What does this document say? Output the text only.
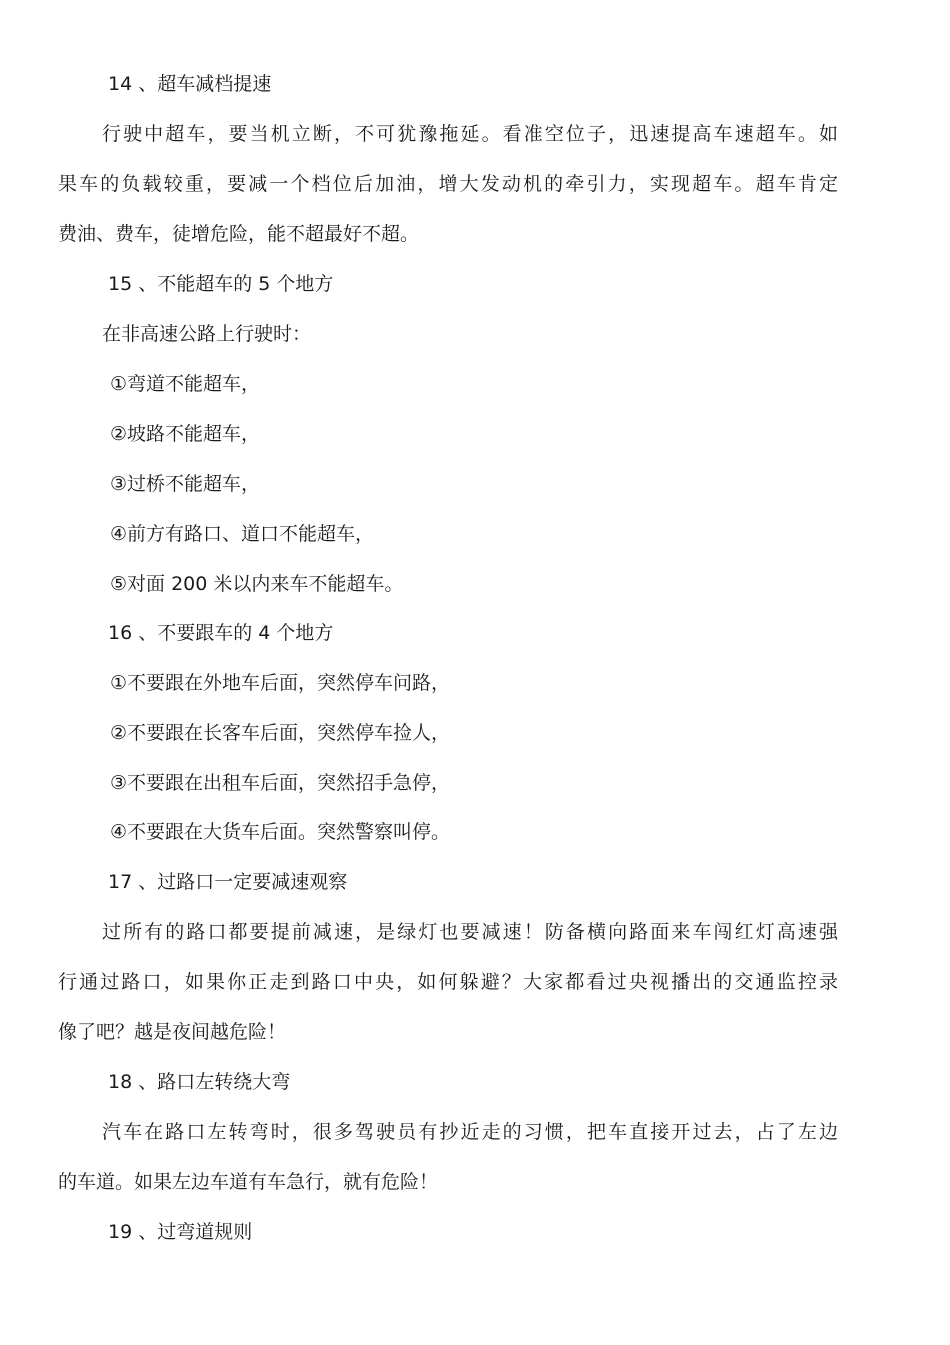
14 、超车减档提速
行驶中超车，要当机立断，不可犹豫拖延。看准空位子，迅速提高车速超车。如
果车的负载较重，要减一个档位后加油，增大发动机的牵引力，实现超车。超车肯定
费油、费车，徒增危险，能不超最好不超。
15 、不能超车的 5 个地方
在非高速公路上行驶时：
①弯道不能超车，
②坡路不能超车，
③过桥不能超车，
④前方有路口、道口不能超车，
⑤对面 200 米以内来车不能超车。
16 、不要跟车的 4 个地方
①不要跟在外地车后面，突然停车问路，
②不要跟在长客车后面，突然停车捡人，
③不要跟在出租车后面，突然招手急停，
④不要跟在大货车后面。突然警察叫停。
17 、过路口一定要减速观察
过所有的路口都要提前减速，是绿灯也要减速！防备横向路面来车闯红灯高速强
行通过路口，如果你正走到路口中央，如何躲避？大家都看过央视播出的交通监控录
像了吧？越是夜间越危险！
18 、路口左转绕大弯
汽车在路口左转弯时，很多驾驶员有抄近走的习惯，把车直接开过去，占了左边
的车道。如果左边车道有车急行，就有危险！
19 、过弯道规则
